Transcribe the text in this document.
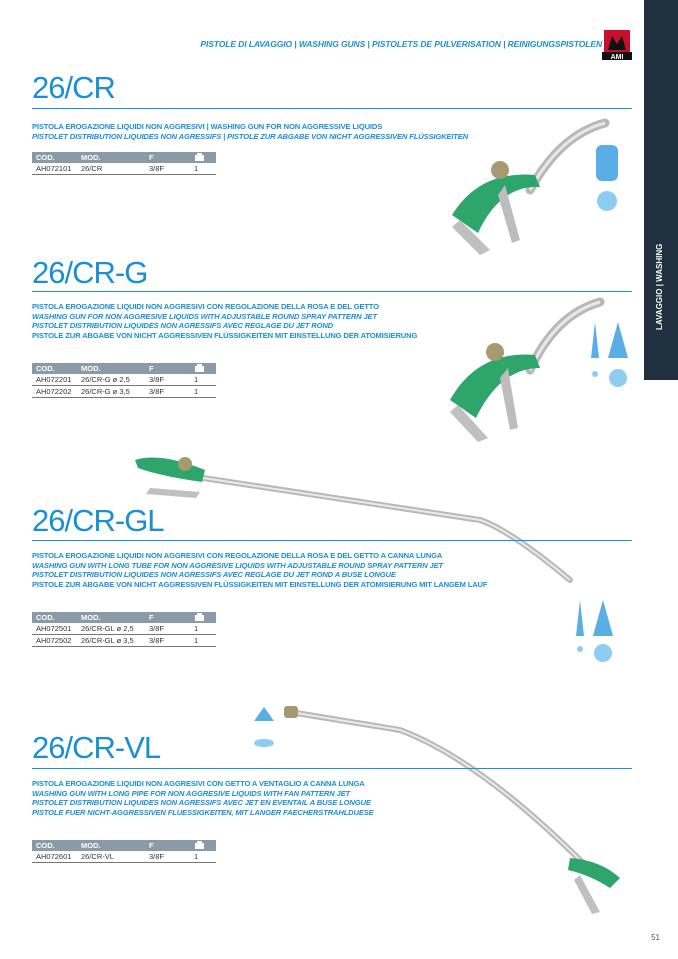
PISTOLE DI LAVAGGIO | WASHING GUNS | PISTOLETS DE PULVERISATION | REINIGUNGSPISTOLEN
AMI
LAVAGGIO | WASHING
26/CR
PISTOLA EROGAZIONE LIQUIDI NON AGGRESIVI | WASHING GUN FOR NON AGGRESSIVE LIQUIDS
PISTOLET DISTRIBUTION LIQUIDES NON AGRESSIFS | PISTOLE ZUR ABGABE VON NICHT AGGRESSIVEN FLÜSSIGKEITEN
COD.	MOD.	F
AH072101 26/CR	3/8F	1
26/CR-G
PISTOLA EROGAZIONE LIQUIDI NON AGGRESIVI CON REGOLAZIONE DELLA ROSA E DEL GETTO
WASHING GUN FOR NON AGGRESIVE LIQUIDS WITH ADJUSTABLE ROUND SPRAY PATTERN JET
PISTOLET DISTRIBUTION LIQUIDES NON AGRESSIFS AVEC REGLAGE DU JET ROND
PISTOLE ZUR ABGABE VON NICHT AGGRESSIVEN FLÜSSIGKEITEN MIT EINSTELLUNG DER ATOMISIERUNG
COD.	MOD.	F
AH072201 26/CR-G ø 2,5	3/8F	1
AH072202 26/CR-G ø 3,5	3/8F	1
26/CR-GL
PISTOLA EROGAZIONE LIQUIDI NON AGGRESIVI CON REGOLAZIONE DELLA ROSA E DEL GETTO A CANNA LUNGA
WASHING GUN WITH LONG TUBE FOR NON AGGRESIVE LIQUIDS WITH ADJUSTABLE ROUND SPRAY PATTERN JET
PISTOLET DISTRIBUTION LIQUIDES NON AGRESSIFS AVEC REGLAGE DU JET ROND A BUSE LONGUE
PISTOLE ZUR ABGABE VON NICHT AGGRESSIVEN FLÜSSIGKEITEN MIT EINSTELLUNG DER ATOMISIERUNG MIT LANGEM LAUF
COD.	MOD.	F
AH072501 26/CR-GL ø 2,5 3/8F	1
AH072502 26/CR-GL ø 3,5 3/8F	1
26/CR-VL
PISTOLA EROGAZIONE LIQUIDI NON AGGRESIVI CON GETTO A VENTAGLIO A CANNA LUNGA
WASHING GUN WITH LONG PIPE FOR NON AGGRESIVE LIQUIDS WITH FAN PATTERN JET
PISTOLET DISTRIBUTION LIQUIDES NON AGRESSIFS AVEC JET EN EVENTAIL A BUSE LONGUE
PISTOLE FUER NICHT-AGGRESSIVEN FLUESSIGKEITEN, MIT LANGER FAECHERSTRAHLDUESE
COD.	MOD.	F
AH072601 26/CR-VL	3/8F	1
51
